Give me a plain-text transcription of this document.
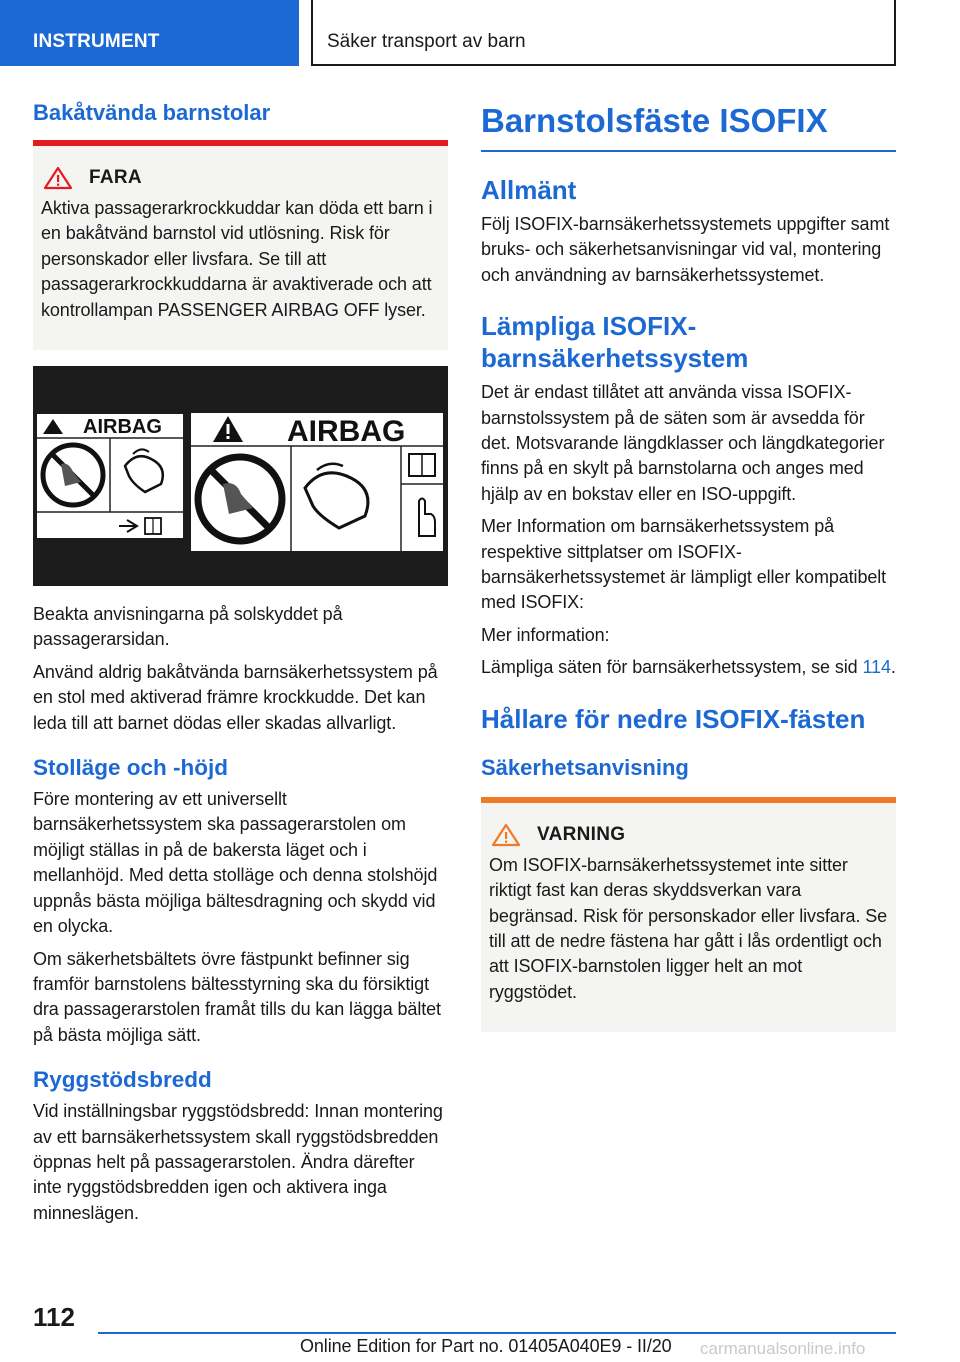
INSTRUMENT	Säker transport av barn
Bakåtvända barnstolar
FARA

Aktiva passagerarkrockkuddar kan döda ett barn i en bakåtvänd barnstol vid utlösning. Risk för personskador eller livsfara. Se till att passagerarkrockkuddarna är avaktiverade och att kontrollampan PASSENGER AIRBAG OFF lyser.

AIRBAG	AIRBAG

Beakta anvisningarna på solskyddet på passagerarsidan.

Använd aldrig bakåtvända barnsäkerhetssystem på en stol med aktiverad främre krockkudde. Det kan leda till att barnet dödas eller skadas allvarligt.

Stolläge och -höjd

Före montering av ett universellt barnsäkerhetssystem ska passagerarstolen om möjligt ställas in på de bakersta läget och i mellanhöjd. Med detta stolläge och denna stolshöjd uppnås bästa möjliga bältesdragning och skydd vid en olycka.

Om säkerhetsbältets övre fästpunkt befinner sig framför barnstolens bältesstyrning ska du försiktigt dra passagerarstolen framåt tills du kan lägga bältet på bästa möjliga sätt.

Ryggstödsbredd

Vid inställningsbar ryggstödsbredd: Innan montering av ett barnsäkerhetssystem skall ryggstödsbredden öppnas helt på passagerarstolen. Ändra därefter inte ryggstödsbredden igen och aktivera inga minneslägen.

Barnstolsfäste ISOFIX
Allmänt

Följ ISOFIX-barnsäkerhetssystemets uppgifter samt bruks- och säkerhetsanvisningar vid val, montering och användning av barnsäkerhetssystemet.

Lämpliga ISOFIX-barnsäkerhetssystem

Det är endast tillåtet att använda vissa ISOFIX-barnstolssystem på de säten som är avsedda för det. Motsvarande längdklasser och längdkategorier finns på en skylt på barnstolarna och anges med hjälp av en bokstav eller en ISO-uppgift.

Mer Information om barnsäkerhetssystem på respektive sittplatser om ISOFIX-barnsäkerhetssystemet är lämpligt eller kompatibelt med ISOFIX:

Mer information:

Lämpliga säten för barnsäkerhetssystem, se sid 114.

Hållare för nedre ISOFIX-fästen
Säkerhetsanvisning
VARNING

Om ISOFIX-barnsäkerhetssystemet inte sitter riktigt fast kan deras skyddsverkan vara begränsad. Risk för personskador eller livsfara. Se till att de nedre fästena har gått i lås ordentligt och att ISOFIX-barnstolen ligger helt an mot ryggstödet.

112
Online Edition for Part no. 01405A040E9 - II/20 carmanualsonline.info
